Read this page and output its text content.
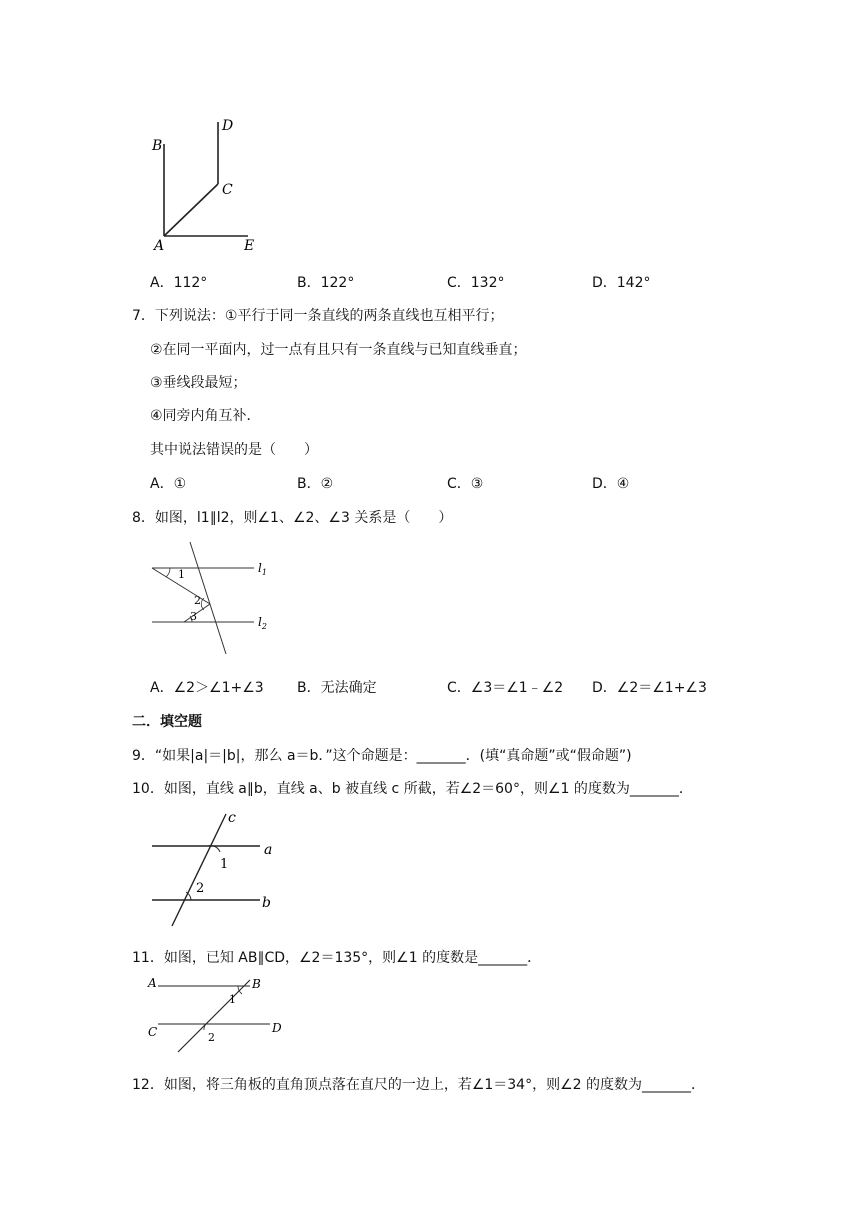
B
D
C
A	E
A．112°	B．122°	C．132°	D．142°
7．下列说法：①平行于同一条直线的两条直线也互相平行；
②在同一平面内，过一点有且只有一条直线与已知直线垂直；
③垂线段最短；
④同旁内角互补．
其中说法错误的是（　　）
A．①	B．②	C．③	D．④
8．如图，l1∥l2，则∠1、∠2、∠3 关系是（　　）
1
2
3
$l_1$
$l_2$
A．∠2＞∠1+∠3 B．无法确定	C．∠3＝∠1﹣∠2 D．∠2＝∠1+∠3
二．填空题
9．“如果|a|＝|b|，那么 a＝b．”这个命题是：_______．(填“真命题”或“假命题”)
10．如图，直线 a∥b，直线 a、b 被直线 c 所截，若∠2＝60°，则∠1 的度数为_______．
c
a
b
1
2
11．如图，已知 AB∥CD，∠2＝135°，则∠1 的度数是_______．
A	B
C	D
1
2
12．如图，将三角板的直角顶点落在直尺的一边上，若∠1＝34°，则∠2 的度数为_______．
